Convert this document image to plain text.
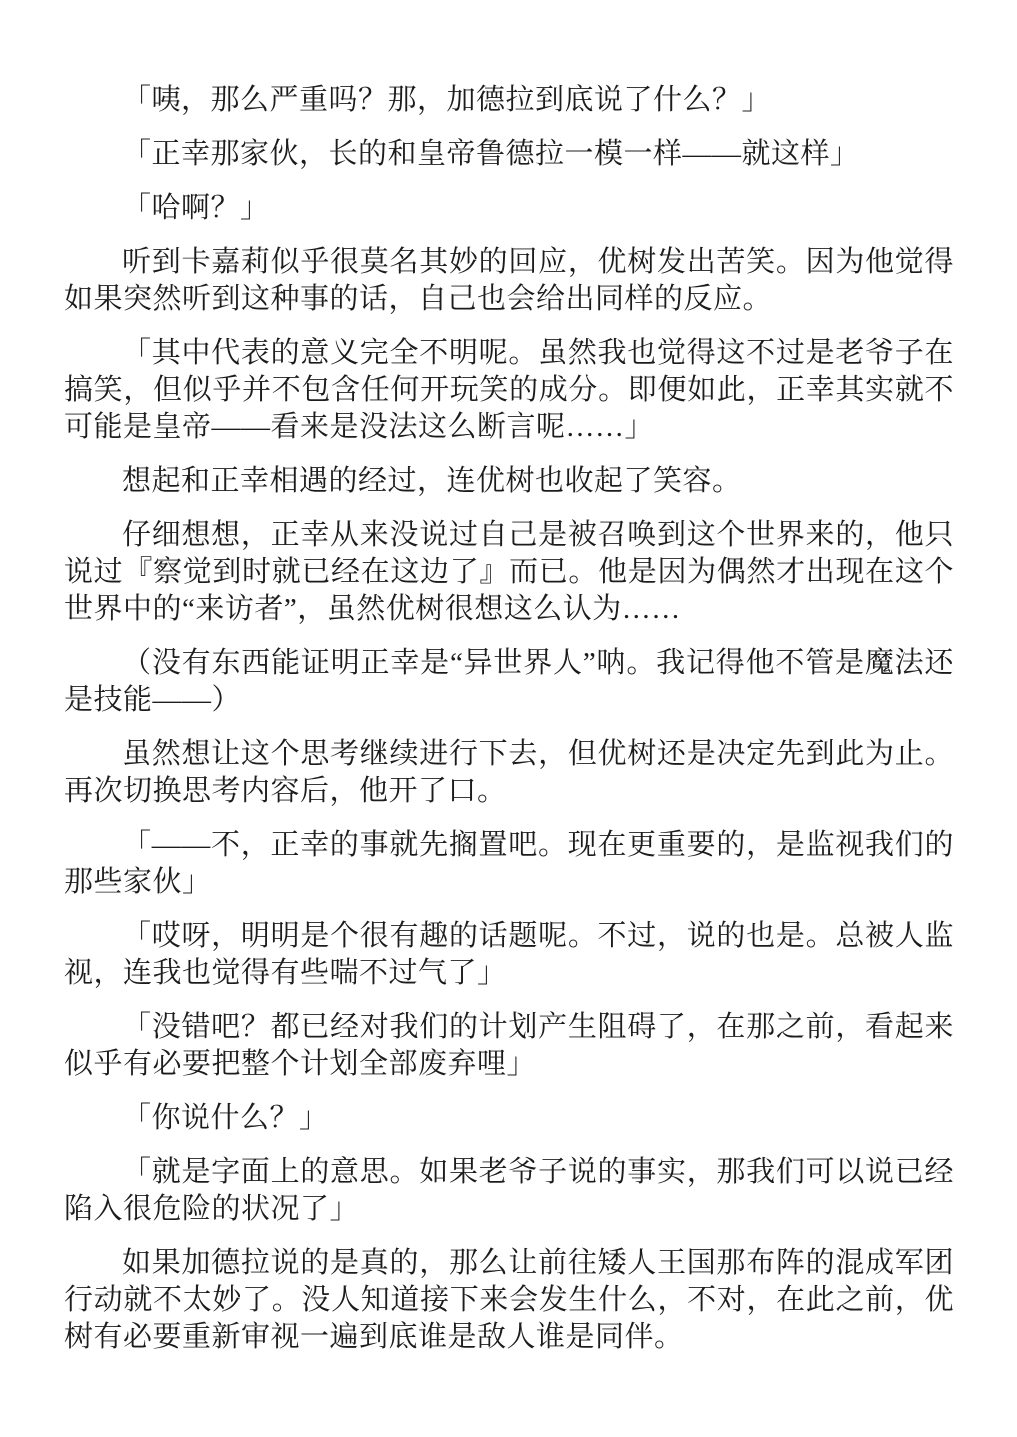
「咦，那么严重吗？那，加德拉到底说了什么？」

「正幸那家伙，长的和皇帝鲁德拉一模一样——就这样」

「哈啊？」

听到卡嘉莉似乎很莫名其妙的回应，优树发出苦笑。因为他觉得如果突然听到这种事的话，自己也会给出同样的反应。

「其中代表的意义完全不明呢。虽然我也觉得这不过是老爷子在搞笑，但似乎并不包含任何开玩笑的成分。即便如此，正幸其实就不可能是皇帝——看来是没法这么断言呢……」

想起和正幸相遇的经过，连优树也收起了笑容。

仔细想想，正幸从来没说过自己是被召唤到这个世界来的，他只说过『察觉到时就已经在这边了』而已。他是因为偶然才出现在这个世界中的“来访者”，虽然优树很想这么认为……

（没有东西能证明正幸是“异世界人”呐。我记得他不管是魔法还是技能——）

虽然想让这个思考继续进行下去，但优树还是决定先到此为止。再次切换思考内容后，他开了口。

「——不，正幸的事就先搁置吧。现在更重要的，是监视我们的那些家伙」

「哎呀，明明是个很有趣的话题呢。不过，说的也是。总被人监视，连我也觉得有些喘不过气了」

「没错吧？都已经对我们的计划产生阻碍了，在那之前，看起来似乎有必要把整个计划全部废弃哩」

「你说什么？」

「就是字面上的意思。如果老爷子说的事实，那我们可以说已经陷入很危险的状况了」

如果加德拉说的是真的，那么让前往矮人王国那布阵的混成军团行动就不太妙了。没人知道接下来会发生什么，不对，在此之前，优树有必要重新审视一遍到底谁是敌人谁是同伴。
